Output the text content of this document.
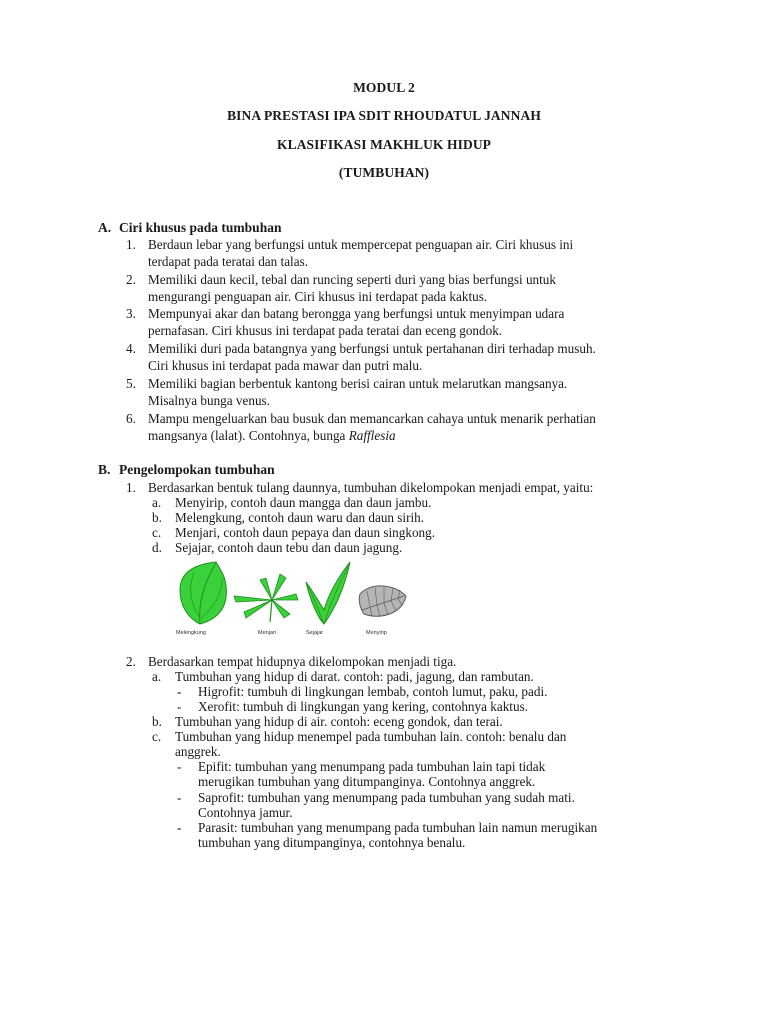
MODUL 2
BINA PRESTASI IPA SDIT RHOUDATUL JANNAH
KLASIFIKASI MAKHLUK HIDUP
(TUMBUHAN)
A. Ciri khusus pada tumbuhan
1. Berdaun lebar yang berfungsi untuk mempercepat penguapan air. Ciri khusus ini
terdapat pada teratai dan talas.
2. Memiliki daun kecil, tebal dan runcing seperti duri yang bias berfungsi untuk
mengurangi penguapan air. Ciri khusus ini terdapat pada kaktus.
3. Mempunyai akar dan batang berongga yang berfungsi untuk menyimpan udara
pernafasan. Ciri khusus ini terdapat pada teratai dan eceng gondok.
4. Memiliki duri pada batangnya yang berfungsi untuk pertahanan diri terhadap musuh.
Ciri khusus ini terdapat pada mawar dan putri malu.
5. Memiliki bagian berbentuk kantong berisi cairan untuk melarutkan mangsanya.
Misalnya bunga venus.
6. Mampu mengeluarkan bau busuk dan memancarkan cahaya untuk menarik perhatian
mangsanya (lalat). Contohnya, bunga Rafflesia
B. Pengelompokan tumbuhan
1. Berdasarkan bentuk tulang daunnya, tumbuhan dikelompokan menjadi empat, yaitu:
a. Menyirip, contoh daun mangga dan daun jambu.
b. Melengkung, contoh daun waru dan daun sirih.
c. Menjari, contoh daun pepaya dan daun singkong.
d. Sejajar, contoh daun tebu dan daun jagung.
Melengkung	Menjari	Sejajar	Menyirip
2. Berdasarkan tempat hidupnya dikelompokan menjadi tiga.
a. Tumbuhan yang hidup di darat. contoh: padi, jagung, dan rambutan.
- Higrofit: tumbuh di lingkungan lembab, contoh lumut, paku, padi.
- Xerofit: tumbuh di lingkungan yang kering, contohnya kaktus.
b. Tumbuhan yang hidup di air. contoh: eceng gondok, dan terai.
c. Tumbuhan yang hidup menempel pada tumbuhan lain. contoh: benalu dan
anggrek.
- Epifit: tumbuhan yang menumpang pada tumbuhan lain tapi tidak
merugikan tumbuhan yang ditumpanginya. Contohnya anggrek.
- Saprofit: tumbuhan yang menumpang pada tumbuhan yang sudah mati.
Contohnya jamur.
- Parasit: tumbuhan yang menumpang pada tumbuhan lain namun merugikan
tumbuhan yang ditumpanginya, contohnya benalu.
